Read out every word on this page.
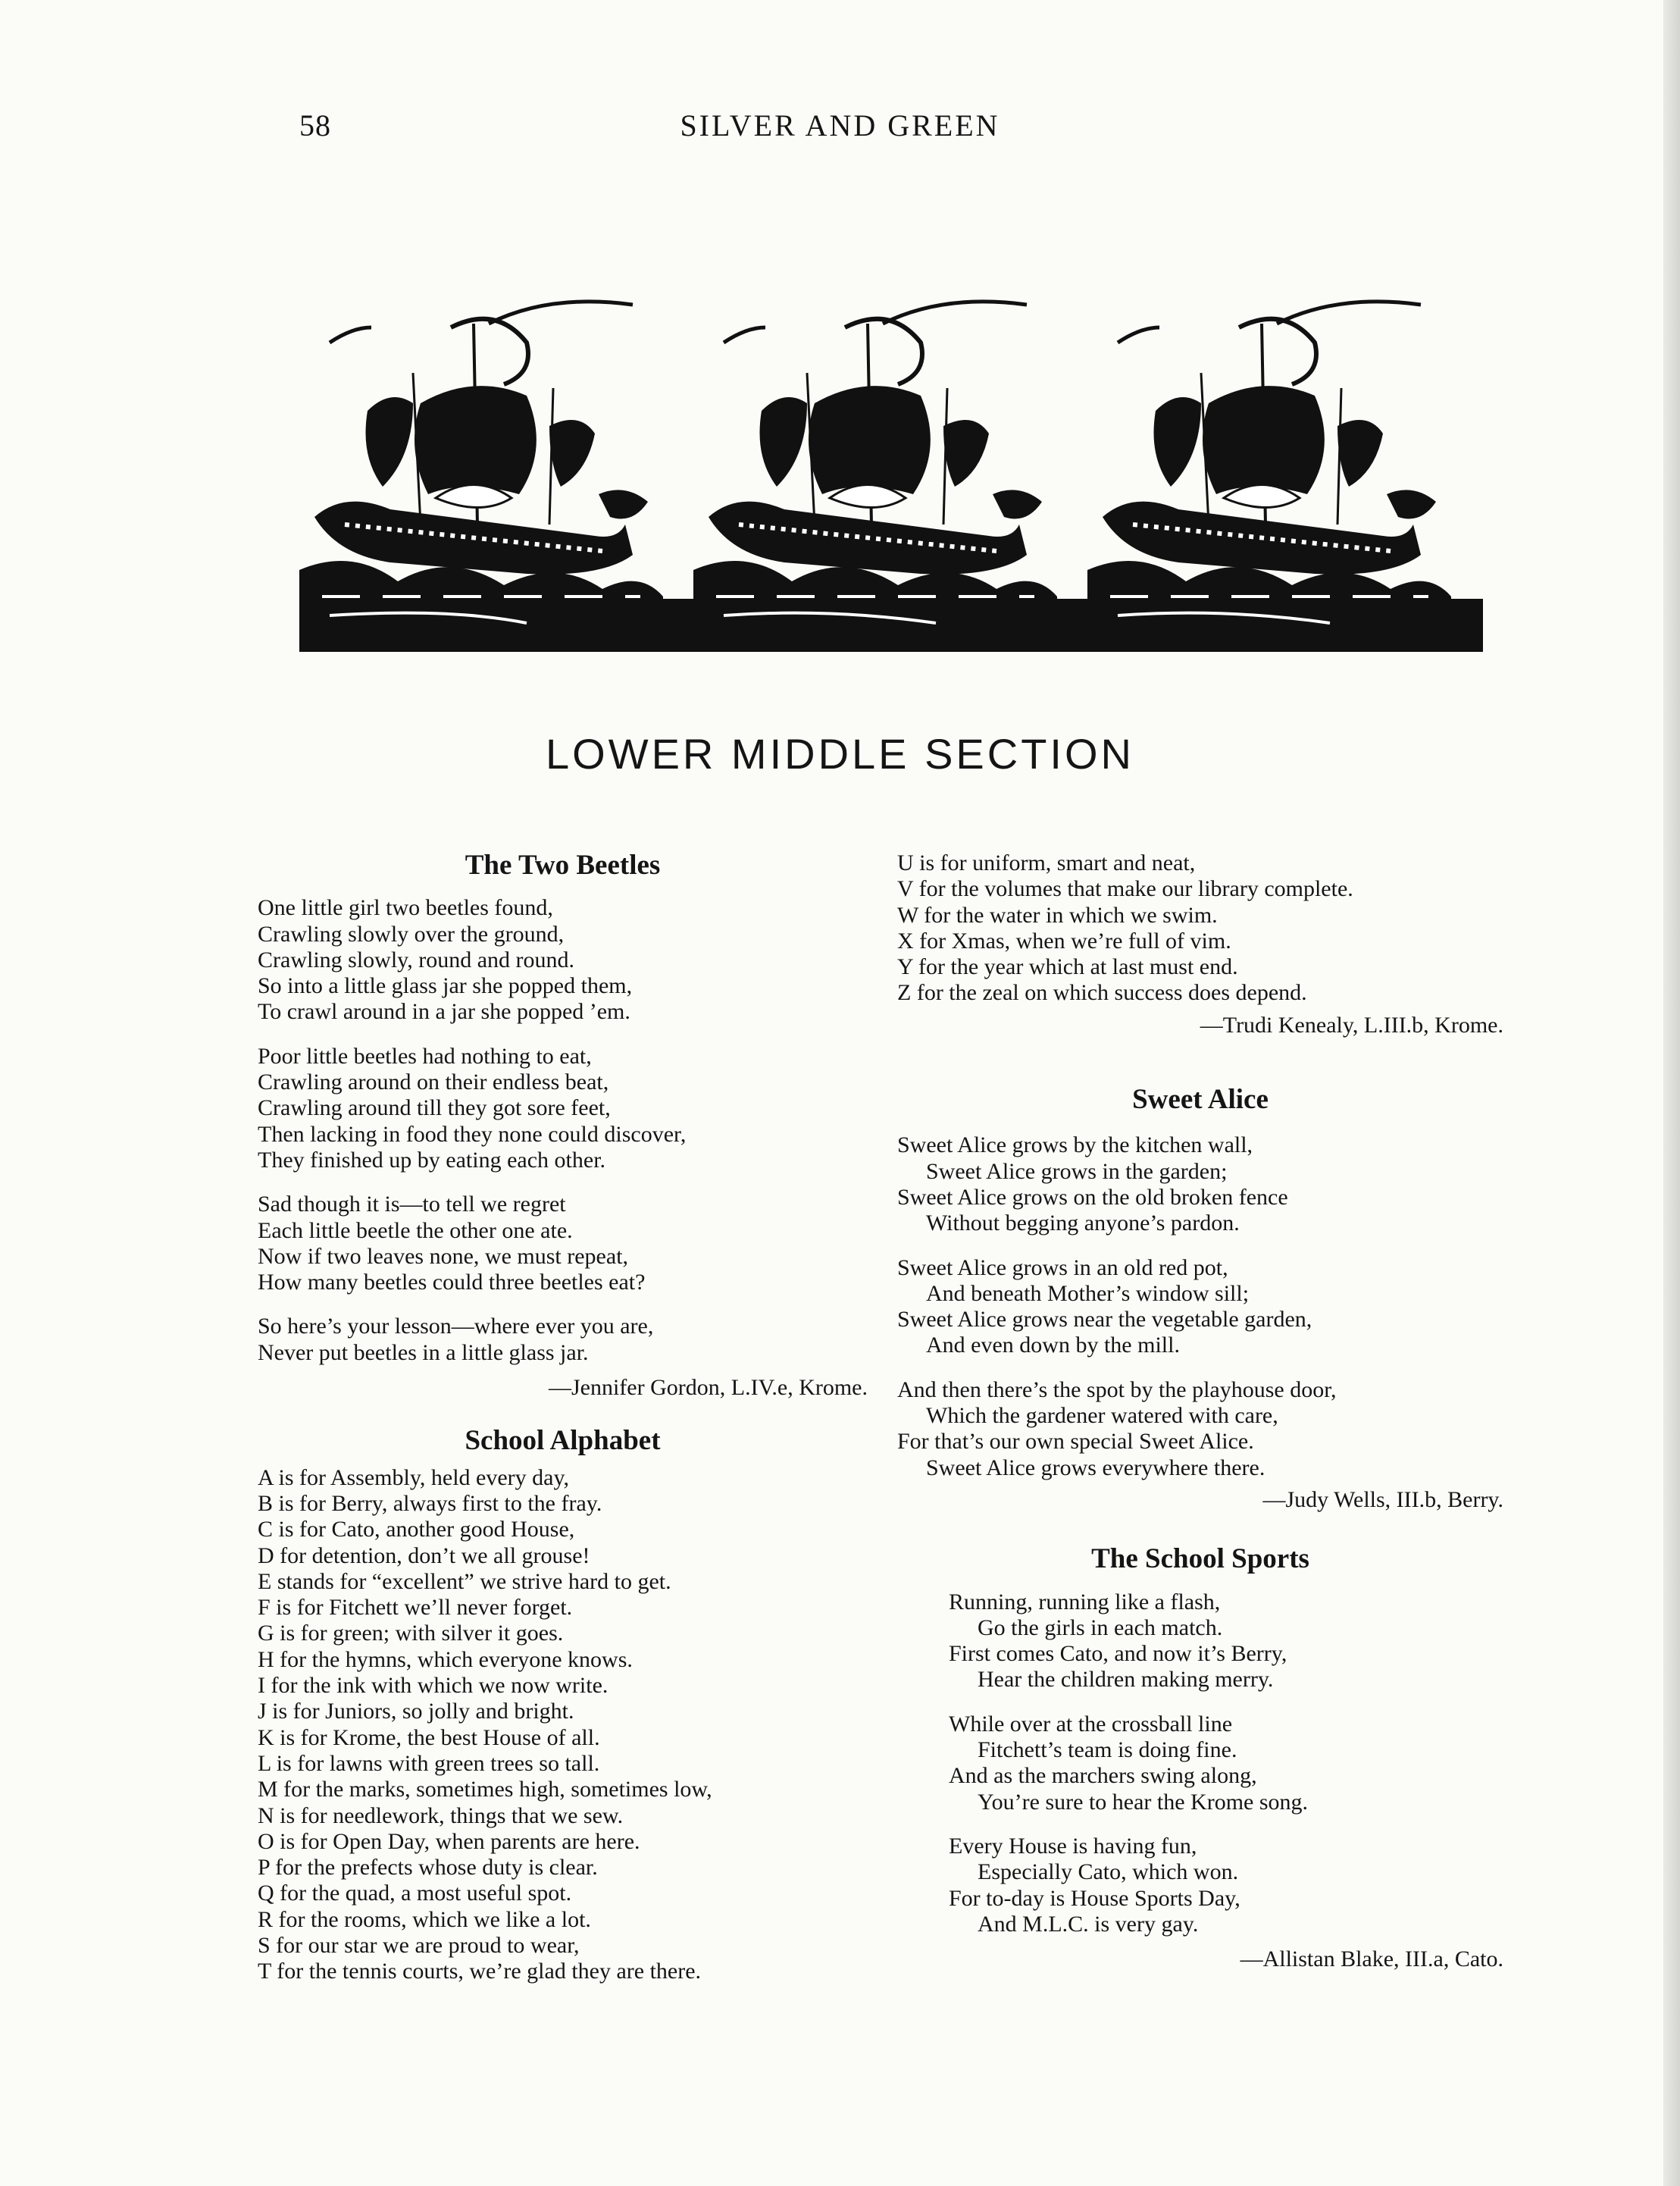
58	SILVER AND GREEN
LOWER MIDDLE SECTION
The Two Beetles

One little girl two beetles found,

Crawling slowly over the ground,

Crawling slowly, round and round.

So into a little glass jar she popped them,

To crawl around in a jar she popped ’em.

Poor little beetles had nothing to eat,

Crawling around on their endless beat,

Crawling around till they got sore feet,

Then lacking in food they none could discover,

They finished up by eating each other.

Sad though it is—to tell we regret

Each little beetle the other one ate.

Now if two leaves none, we must repeat,

How many beetles could three beetles eat?

So here’s your lesson—where ever you are,

Never put beetles in a little glass jar.

—Jennifer Gordon, L.IV.e, Krome.

School Alphabet

A is for Assembly, held every day,

B is for Berry, always first to the fray.

C is for Cato, another good House,

D for detention, don’t we all grouse!

E stands for “excellent” we strive hard to get.

F is for Fitchett we’ll never forget.

G is for green; with silver it goes.

H for the hymns, which everyone knows.

I for the ink with which we now write.

J is for Juniors, so jolly and bright.

K is for Krome, the best House of all.

L is for lawns with green trees so tall.

M for the marks, sometimes high, sometimes low,

N is for needlework, things that we sew.

O is for Open Day, when parents are here.

P for the prefects whose duty is clear.

Q for the quad, a most useful spot.

R for the rooms, which we like a lot.

S for our star we are proud to wear,

T for the tennis courts, we’re glad they are there.

U is for uniform, smart and neat,

V for the volumes that make our library complete.

W for the water in which we swim.

X for Xmas, when we’re full of vim.

Y for the year which at last must end.

Z for the zeal on which success does depend.

—Trudi Kenealy, L.III.b, Krome.

Sweet Alice

Sweet Alice grows by the kitchen wall,

Sweet Alice grows in the garden;

Sweet Alice grows on the old broken fence

Without begging anyone’s pardon.

Sweet Alice grows in an old red pot,

And beneath Mother’s window sill;

Sweet Alice grows near the vegetable garden,

And even down by the mill.

And then there’s the spot by the playhouse door,

Which the gardener watered with care,

For that’s our own special Sweet Alice.

Sweet Alice grows everywhere there.

—Judy Wells, III.b, Berry.

The School Sports

Running, running like a flash,

Go the girls in each match.

First comes Cato, and now it’s Berry,

Hear the children making merry.

While over at the crossball line

Fitchett’s team is doing fine.

And as the marchers swing along,

You’re sure to hear the Krome song.

Every House is having fun,

Especially Cato, which won.

For to-day is House Sports Day,

And M.L.C. is very gay.

—Allistan Blake, III.a, Cato.
